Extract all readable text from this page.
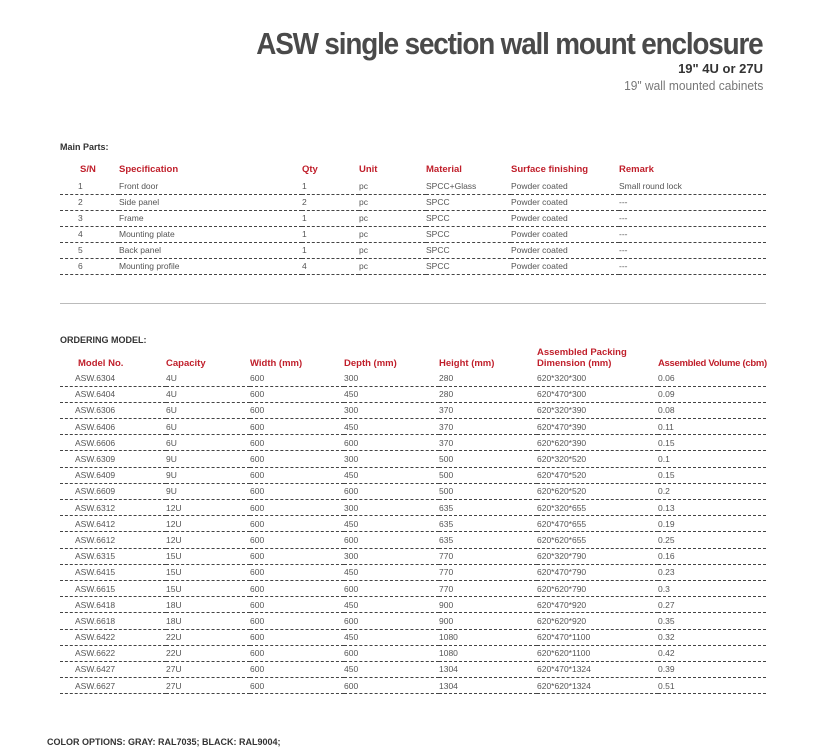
ASW single section wall mount enclosure
19" 4U or 27U
19" wall mounted cabinets
Main Parts:
S/N	Specification	Qty	Unit	Material	Surface finishing	Remark
1	Front door	1	pc	SPCC+Glass	Powder coated	Small round lock
2	Side panel	2	pc	SPCC	Powder coated	---
3	Frame	1	pc	SPCC	Powder coated	---
4	Mounting plate	1	pc	SPCC	Powder coated	---
5	Back panel	1	pc	SPCC	Powder coated	---
6	Mounting profile	4	pc	SPCC	Powder coated	---
ORDERING MODEL:
Model No.	Capacity	Width (mm)	Depth (mm)	Height (mm)	Assembled Packing Dimension (mm)	Assembled Volume (cbm)
ASW.6304	4U	600	300	280	620*320*300	0.06
ASW.6404	4U	600	450	280	620*470*300	0.09
ASW.6306	6U	600	300	370	620*320*390	0.08
ASW.6406	6U	600	450	370	620*470*390	0.11
ASW.6606	6U	600	600	370	620*620*390	0.15
ASW.6309	9U	600	300	500	620*320*520	0.1
ASW.6409	9U	600	450	500	620*470*520	0.15
ASW.6609	9U	600	600	500	620*620*520	0.2
ASW.6312	12U	600	300	635	620*320*655	0.13
ASW.6412	12U	600	450	635	620*470*655	0.19
ASW.6612	12U	600	600	635	620*620*655	0.25
ASW.6315	15U	600	300	770	620*320*790	0.16
ASW.6415	15U	600	450	770	620*470*790	0.23
ASW.6615	15U	600	600	770	620*620*790	0.3
ASW.6418	18U	600	450	900	620*470*920	0.27
ASW.6618	18U	600	600	900	620*620*920	0.35
ASW.6422	22U	600	450	1080	620*470*1100	0.32
ASW.6622	22U	600	600	1080	620*620*1100	0.42
ASW.6427	27U	600	450	1304	620*470*1324	0.39
ASW.6627	27U	600	600	1304	620*620*1324	0.51
COLOR OPTIONS: GRAY: RAL7035; BLACK: RAL9004;
